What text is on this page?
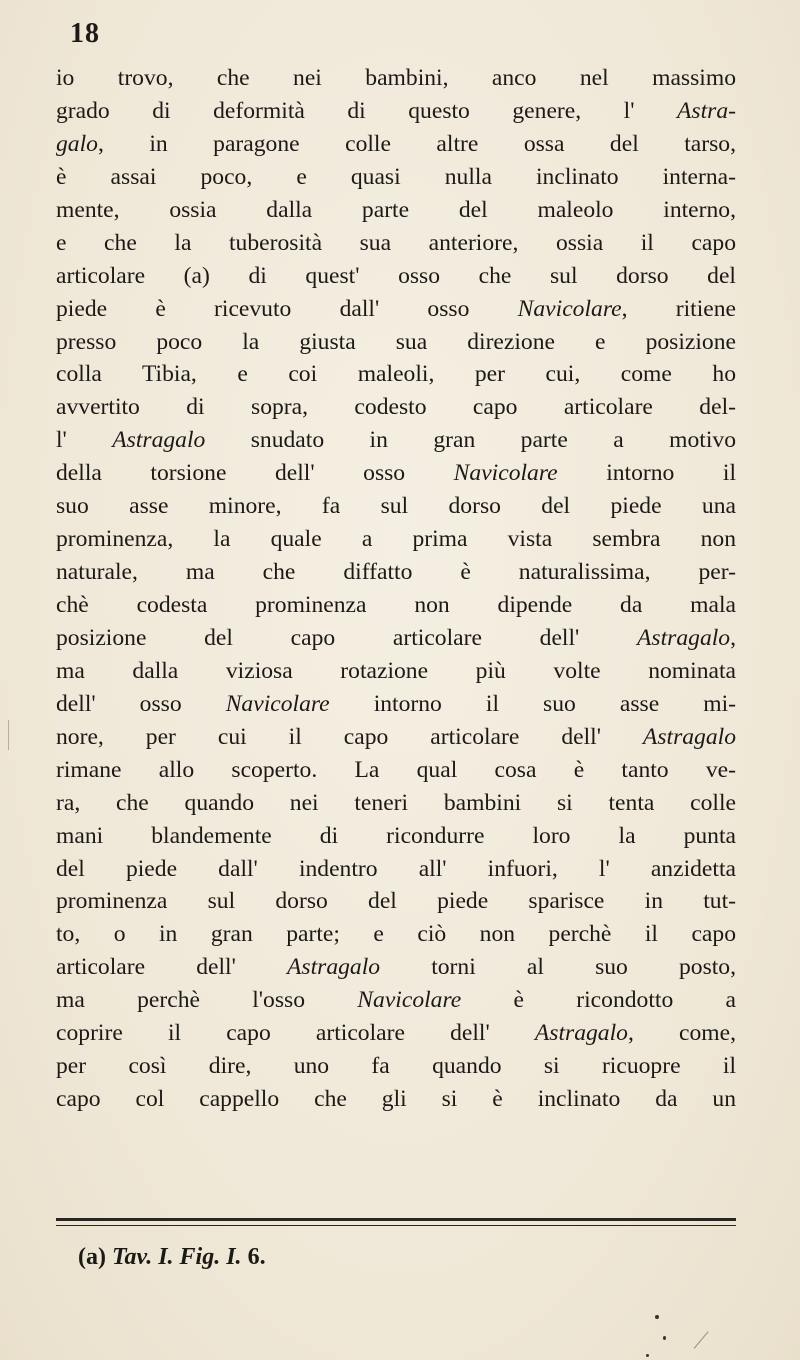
18
io trovo, che nei bambini, anco nel massimo
grado di deformità di questo genere, l' Astra-
galo, in paragone colle altre ossa del tarso,
è assai poco, e quasi nulla inclinato interna-
mente, ossia dalla parte del maleolo interno,
e che la tuberosità sua anteriore, ossia il capo
articolare (a) di quest' osso che sul dorso del
piede è ricevuto dall' osso Navicolare, ritiene
presso poco la giusta sua direzione e posizione
colla Tibia, e coi maleoli, per cui, come ho
avvertito di sopra, codesto capo articolare del-
l' Astragalo snudato in gran parte a motivo
della torsione dell' osso Navicolare intorno il
suo asse minore, fa sul dorso del piede una
prominenza, la quale a prima vista sembra non
naturale, ma che diffatto è naturalissima, per-
chè codesta prominenza non dipende da mala
posizione del capo articolare dell' Astragalo,
ma dalla viziosa rotazione più volte nominata
dell' osso Navicolare intorno il suo asse mi-
nore, per cui il capo articolare dell' Astragalo
rimane allo scoperto. La qual cosa è tanto ve-
ra, che quando nei teneri bambini si tenta colle
mani blandemente di ricondurre loro la punta
del piede dall' indentro all' infuori, l' anzidetta
prominenza sul dorso del piede sparisce in tut-
to, o in gran parte; e ciò non perchè il capo
articolare dell' Astragalo torni al suo posto,
ma perchè l'osso Navicolare è ricondotto a
coprire il capo articolare dell' Astragalo, come,
per così dire, uno fa quando si ricuopre il
capo col cappello che gli si è inclinato da un
(a) Tav. I. Fig. I. 6.
